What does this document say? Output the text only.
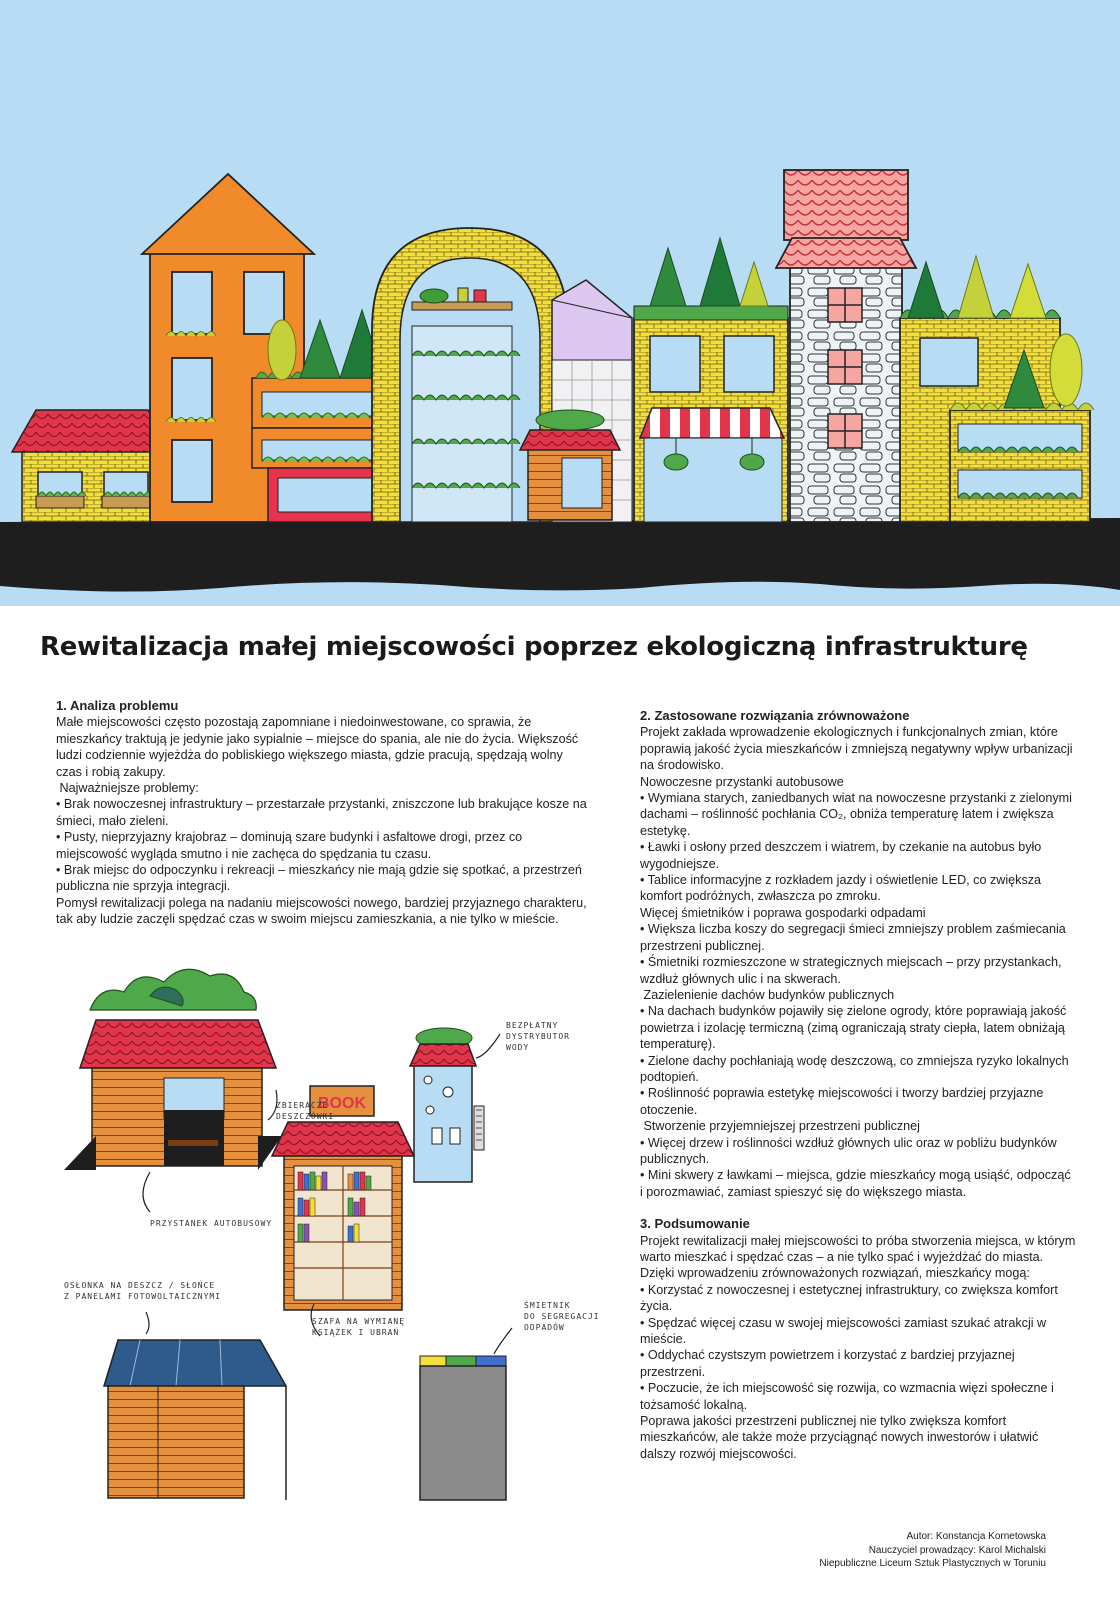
Rewitalizacja małej miejscowości poprzez ekologiczną infrastrukturę
1. Analiza problemu

Małe miejscowości często pozostają zapomniane i niedoinwestowane, co sprawia, że mieszkańcy traktują je jedynie jako sypialnie – miejsce do spania, ale nie do życia. Większość ludzi codziennie wyjeżdża do pobliskiego większego miasta, gdzie pracują, spędzają wolny czas i robią zakupy.

Najważniejsze problemy:

• Brak nowoczesnej infrastruktury – przestarzałe przystanki, zniszczone lub brakujące kosze na śmieci, mało zieleni.

• Pusty, nieprzyjazny krajobraz – dominują szare budynki i asfaltowe drogi, przez co miejscowość wygląda smutno i nie zachęca do spędzania tu czasu.

• Brak miejsc do odpoczynku i rekreacji – mieszkańcy nie mają gdzie się spotkać, a przestrzeń publiczna nie sprzyja integracji.

Pomysł rewitalizacji polega na nadaniu miejscowości nowego, bardziej przyjaznego charakteru, tak aby ludzie zaczęli spędzać czas w swoim miejscu zamieszkania, a nie tylko w mieście.

2. Zastosowane rozwiązania zrównoważone

Projekt zakłada wprowadzenie ekologicznych i funkcjonalnych zmian, które poprawią jakość życia mieszkańców i zmniejszą negatywny wpływ urbanizacji na środowisko.

Nowoczesne przystanki autobusowe

• Wymiana starych, zaniedbanych wiat na nowoczesne przystanki z zielonymi dachami – roślinność pochłania CO₂, obniża temperaturę latem i zwiększa estetykę.

• Ławki i osłony przed deszczem i wiatrem, by czekanie na autobus było wygodniejsze.

• Tablice informacyjne z rozkładem jazdy i oświetlenie LED, co zwiększa komfort podróżnych, zwłaszcza po zmroku.

Więcej śmietników i poprawa gospodarki odpadami

• Większa liczba koszy do segregacji śmieci zmniejszy problem zaśmiecania przestrzeni publicznej.

• Śmietniki rozmieszczone w strategicznych miejscach – przy przystankach, wzdłuż głównych ulic i na skwerach.

Zazielenienie dachów budynków publicznych

• Na dachach budynków pojawiły się zielone ogrody, które poprawiają jakość powietrza i izolację termiczną (zimą ograniczają straty ciepła, latem obniżają temperaturę).

• Zielone dachy pochłaniają wodę deszczową, co zmniejsza ryzyko lokalnych podtopień.

• Roślinność poprawia estetykę miejscowości i tworzy bardziej przyjazne otoczenie.

Stworzenie przyjemniejszej przestrzeni publicznej

• Więcej drzew i roślinności wzdłuż głównych ulic oraz w pobliżu budynków publicznych.

• Mini skwery z ławkami – miejsca, gdzie mieszkańcy mogą usiąść, odpocząć i porozmawiać, zamiast spieszyć się do większego miasta.

3. Podsumowanie

Projekt rewitalizacji małej miejscowości to próba stworzenia miejsca, w którym warto mieszkać i spędzać czas – a nie tylko spać i wyjeżdżać do miasta. Dzięki wprowadzeniu zrównoważonych rozwiązań, mieszkańcy mogą:

• Korzystać z nowoczesnej i estetycznej infrastruktury, co zwiększa komfort życia.

• Spędzać więcej czasu w swojej miejscowości zamiast szukać atrakcji w mieście.

• Oddychać czystszym powietrzem i korzystać z bardziej przyjaznej przestrzeni.

• Poczucie, że ich miejscowość się rozwija, co wzmacnia więzi społeczne i tożsamość lokalną.

Poprawa jakości przestrzeni publicznej nie tylko zwiększa komfort mieszkańców, ale także może przyciągnąć nowych inwestorów i ułatwić dalszy rozwój miejscowości.

Autor: Konstancja Kornetowska
Nauczyciel prowadzący: Karol Michalski
Niepubliczne Liceum Sztuk Plastycznych w Toruniu
BOOK
ZBIERACZE
DESZCZÓWKI
BEZPŁATNY
DYSTRYBUTOR
WODY
PRZYSTANEK AUTOBUSOWY
SZAFA NA WYMIANĘ
KSIĄŻEK I UBRAŃ
OSŁONKA NA DESZCZ / SŁOŃCE
Z PANELAMI FOTOWOLTAICZNYMI
ŚMIETNIK
DO SEGREGACJI
ODPADÓW
